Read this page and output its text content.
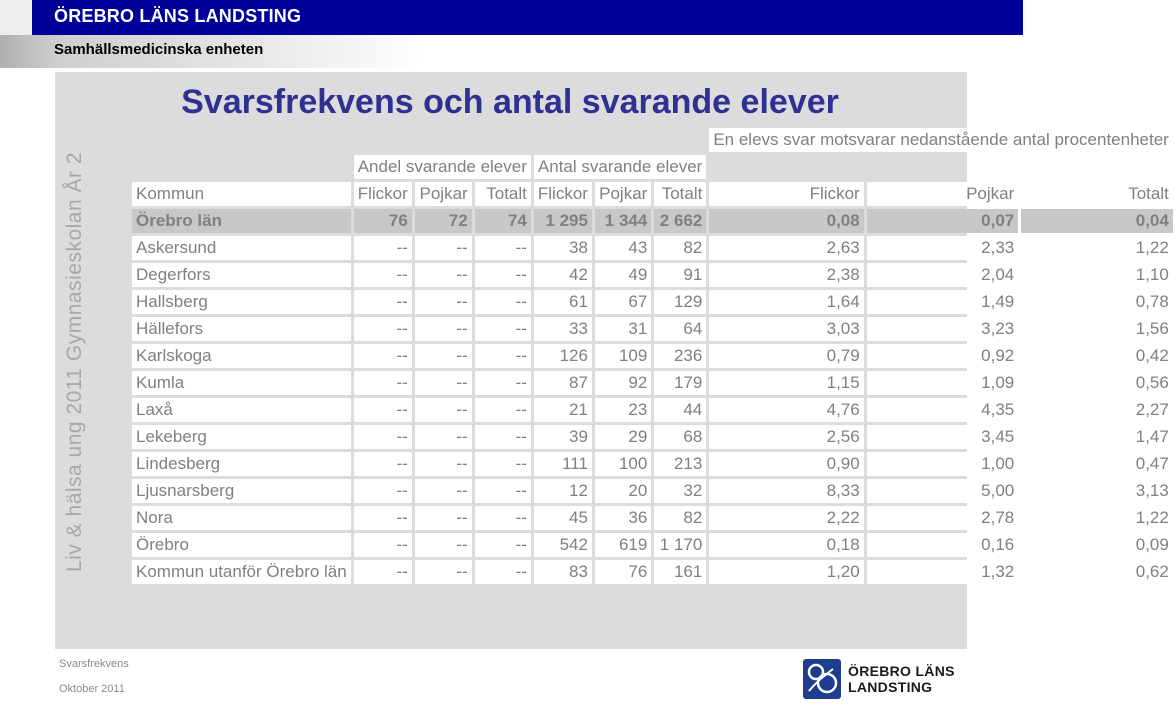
ÖREBRO LÄNS LANDSTING
Samhällsmedicinska enheten
Liv & hälsa ung 2011 Gymnasieskolan År 2
Svarsfrekvens och antal svarande elever
							En elevs svar motsvarar nedanstående antal procentenheter		

	Andel svarande elever			Antal svarande elever					
Kommun	Flickor	Pojkar	Totalt	Flickor	Pojkar	Totalt	Flickor	Pojkar	Totalt
Örebro län	76	72	74	1 295	1 344	2 662	0,08	0,07	0,04
Askersund	--	--	--	38	43	82	2,63	2,33	1,22
Degerfors	--	--	--	42	49	91	2,38	2,04	1,10
Hallsberg	--	--	--	61	67	129	1,64	1,49	0,78
Hällefors	--	--	--	33	31	64	3,03	3,23	1,56
Karlskoga	--	--	--	126	109	236	0,79	0,92	0,42
Kumla	--	--	--	87	92	179	1,15	1,09	0,56
Laxå	--	--	--	21	23	44	4,76	4,35	2,27
Lekeberg	--	--	--	39	29	68	2,56	3,45	1,47
Lindesberg	--	--	--	111	100	213	0,90	1,00	0,47
Ljusnarsberg	--	--	--	12	20	32	8,33	5,00	3,13
Nora	--	--	--	45	36	82	2,22	2,78	1,22
Örebro	--	--	--	542	619	1 170	0,18	0,16	0,09
Kommun utanför Örebro län	--	--	--	83	76	161	1,20	1,32	0,62
Svarsfrekvens
Oktober 2011
ÖREBRO LÄNS
LANDSTING
